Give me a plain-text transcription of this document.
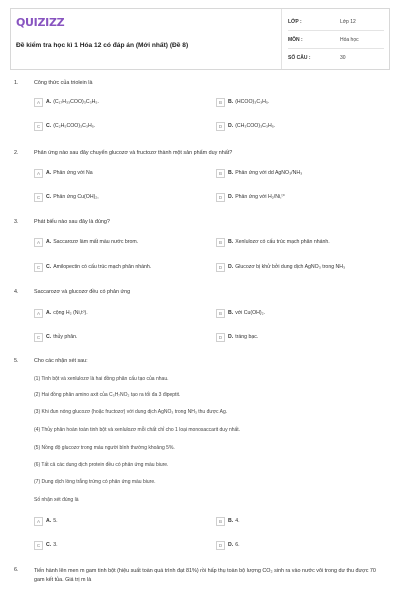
QUIZIZZ
Đề kiểm tra học kì 1 Hóa 12 có đáp án (Mới nhất) (Đề 8)
LỚP :	Lớp 12
MÔN :	Hóa học
SỐ CÂU :	30
1.	Công thức của triolein là
A	A. (C₁₇H₃₃COO)₃C₃H₅.	B	B. (HCOO)₃C₃H₅.
C	C. (C₂H₅COO)₃C₃H₅.	D	D. (CH₃COO)₃C₃H₅.
2.	Phản ứng nào sau đây chuyển glucozơ và fructozơ thành một sản phẩm duy nhất?
A	A. Phản ứng với Na	B	B. Phản ứng với dd AgNO₃/NH₃
C	C. Phản ứng Cu(OH)₂,	D	D. Phản ứng với H₂/Ni,ᵗ°
3.	Phát biểu nào sau đây là đúng?
A	A. Saccarozơ làm mất màu nước brom.	B	B. Xenlulozơ có cấu trúc mạch phân nhánh.
C	C. Amilopectin có cấu trúc mạch phân nhánh.	D	D. Glucozơ bị khử bởi dung dịch AgNO₃ trong NH₃
4.	Saccarozơ và glucozơ đều có phản ứng
A	A. cộng H₂ (Ni,tᵒ).	B	B. với Cu(OH)₂.
C	C. thủy phân.	D	D. tráng bạc.
5.	Cho các nhận xét sau:
(1) Tinh bột và xenlulozơ là hai đồng phân cấu tạo của nhau.
(2) Hai đồng phân amino axit của C₃H₇NO₂ tạo ra tối đa 3 đipeptit.
(3) Khi đun nóng glucozơ (hoặc fructozơ) với dung dịch AgNO₃ trong NH₃ thu được Ag.
(4) Thủy phân hoàn toàn tinh bột và xenlulozơ mỗi chất chỉ cho 1 loại monosaccarit duy nhất.
(5) Nồng độ glucozơ trong máu người bình thường khoảng 5%.
(6) Tất cả các dung dịch protein đều có phản ứng màu biure.
(7) Dung dịch lòng trắng trứng có phản ứng màu biure.
Số nhận xét đúng là
A	A. 5.	B	B. 4.
C	C. 3.	D	D. 6.
6.	Tiến hành lên men m gam tinh bột (hiệu suất toàn quá trình đạt 81%) rồi hấp thụ toàn bộ lượng CO₂ sinh ra vào nước vôi trong dư thu được 70 gam kết tủa. Giá trị m là
